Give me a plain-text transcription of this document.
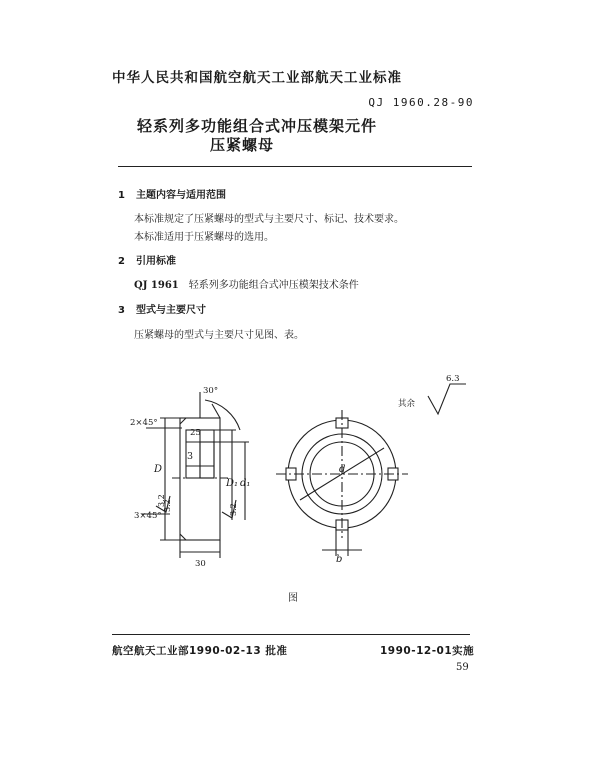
中华人民共和国航空航天工业部航天工业标准
QJ 1960.28-90
轻系列多功能组合式冲压模架元件
压紧螺母
1 主题内容与适用范围
本标准规定了压紧螺母的型式与主要尺寸、标记、技术要求。
本标准适用于压紧螺母的选用。
2 引用标准
QJ 1961 轻系列多功能组合式冲压模架技术条件
3 型式与主要尺寸
压紧螺母的型式与主要尺寸见图、表。
30°
2×45°
25
3
3×45°
30
3.2
3.2
3.2
D
D₁ d₁
d
b
其余
6.3
图
航空航天工业部1990-02-13 批准	1990-12-01实施
59
